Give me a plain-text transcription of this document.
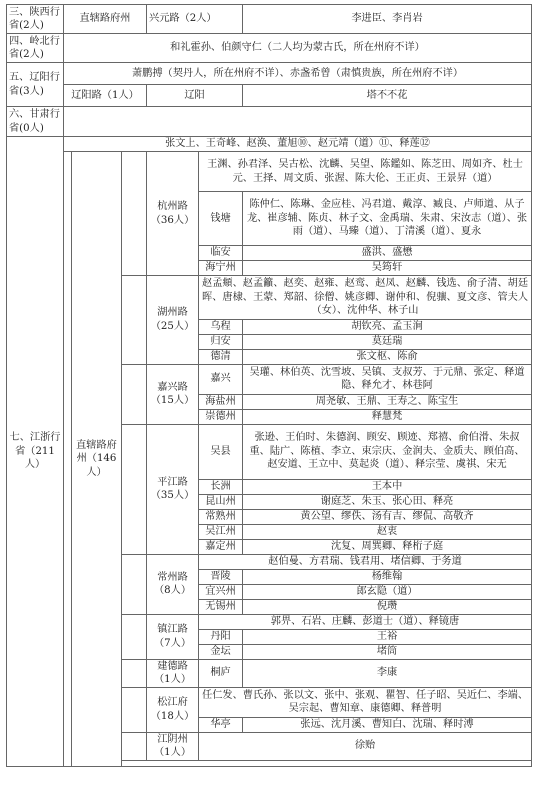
三、陕西行省(2人)	直辖路府州			兴元路（2人）		李进臣、李肖岩
四、岭北行省(2人)	和礼霍孙、伯颜守仁（二人均为蒙古氏，所在州府不详）					
五、辽阳行省(3人)	萧鹏搏（契丹人，所在州府不详）、赤盏希曾（肃慎贵族，所在州府不详）					
	辽阳路（1人）			辽阳		塔不不花
六、甘肃行省(0人)						
七、江浙行省（211人）	张文上、王奇峰、赵涣、董旭⑩、赵元靖（道）⑪、释莲⑫					
		直辖路府州（146人）		杭州路（36人）	王渊、孙君泽、吴古松、沈麟、吴望、陈鑑如、陈芝田、周如齐、杜士元、王择、周文质、张渥、陈大伦、王正贞、王景昇（道）	
					钱塘	陈仲仁、陈琳、金应桂、冯君道、戴淳、臧良、卢师道、从子龙、崔彦辅、陈贞、林子文、金禹瑞、朱肃、宋汝志（道）、张雨（道）、马臻（道）、丁清溪（道）、夏永
					临安	盛洪、盛懋
					海宁州	吴筠轩
				湖州路（25人）	赵孟頫、赵孟籲、赵奕、赵雍、赵鸾、赵凤、赵麟、钱选、俞子清、胡廷晖、唐棣、王蒙、郑韶、徐僧、姚彦卿、谢仲和、倪骧、夏文彦、管夫人（女）、沈仲华、林子山	
					乌程	胡钦亮、孟玉涧
					归安	莫廷瑞
					德清	张文枢、陈俞
				嘉兴路（15人）	嘉兴	吴瓘、林伯英、沈雪坡、吴镇、支叔芳、于元鼎、张定、释道隐、释允才、林巷阿
					海盐州	周尧敏、王鼎、王寿之、陈宝生
					崇德州	释慧梵
				平江路（35人）	吴县	张逊、王伯时、朱德润、顾安、顾迹、郑禧、俞伯滑、朱叔重、陆广、陈植、李立、束宗庆、金润夫、金质夫、顾伯高、赵安道、王立中、莫起炎（道）、释宗莹、虞祺、宋无
					长洲	王本中
					昆山州	谢庭芝、朱玉、张心田、释亮
					常熟州	黄公望、缪佚、汤有吉、缪侃、高敬齐
					吴江州	赵衷
					嘉定州	沈复、周巽卿、释桁子庭
				常州路（8人）	赵伯曼、方君瑞、钱君用、堵信卿、于务道	
					晋陵	杨维翰
					宜兴州	郎玄隐（道）
					无锡州	倪瓒
				镇江路（7人）	郭畀、石岩、庄麟、彭道士（道）、释镜唐	
					丹阳	王裕
					金坛	堵筒
				建德路（1人）	桐庐	李康
				松江府（18人）	任仁发、曹氏孙、张以文、张中、张观、瞿智、任子昭、吴近仁、李端、吴宗起、曹知章、康德卿、释普明	
					华亭	张远、沈月溪、曹知白、沈瑞、释时溥
				江阴州（1人）	徐贻	
